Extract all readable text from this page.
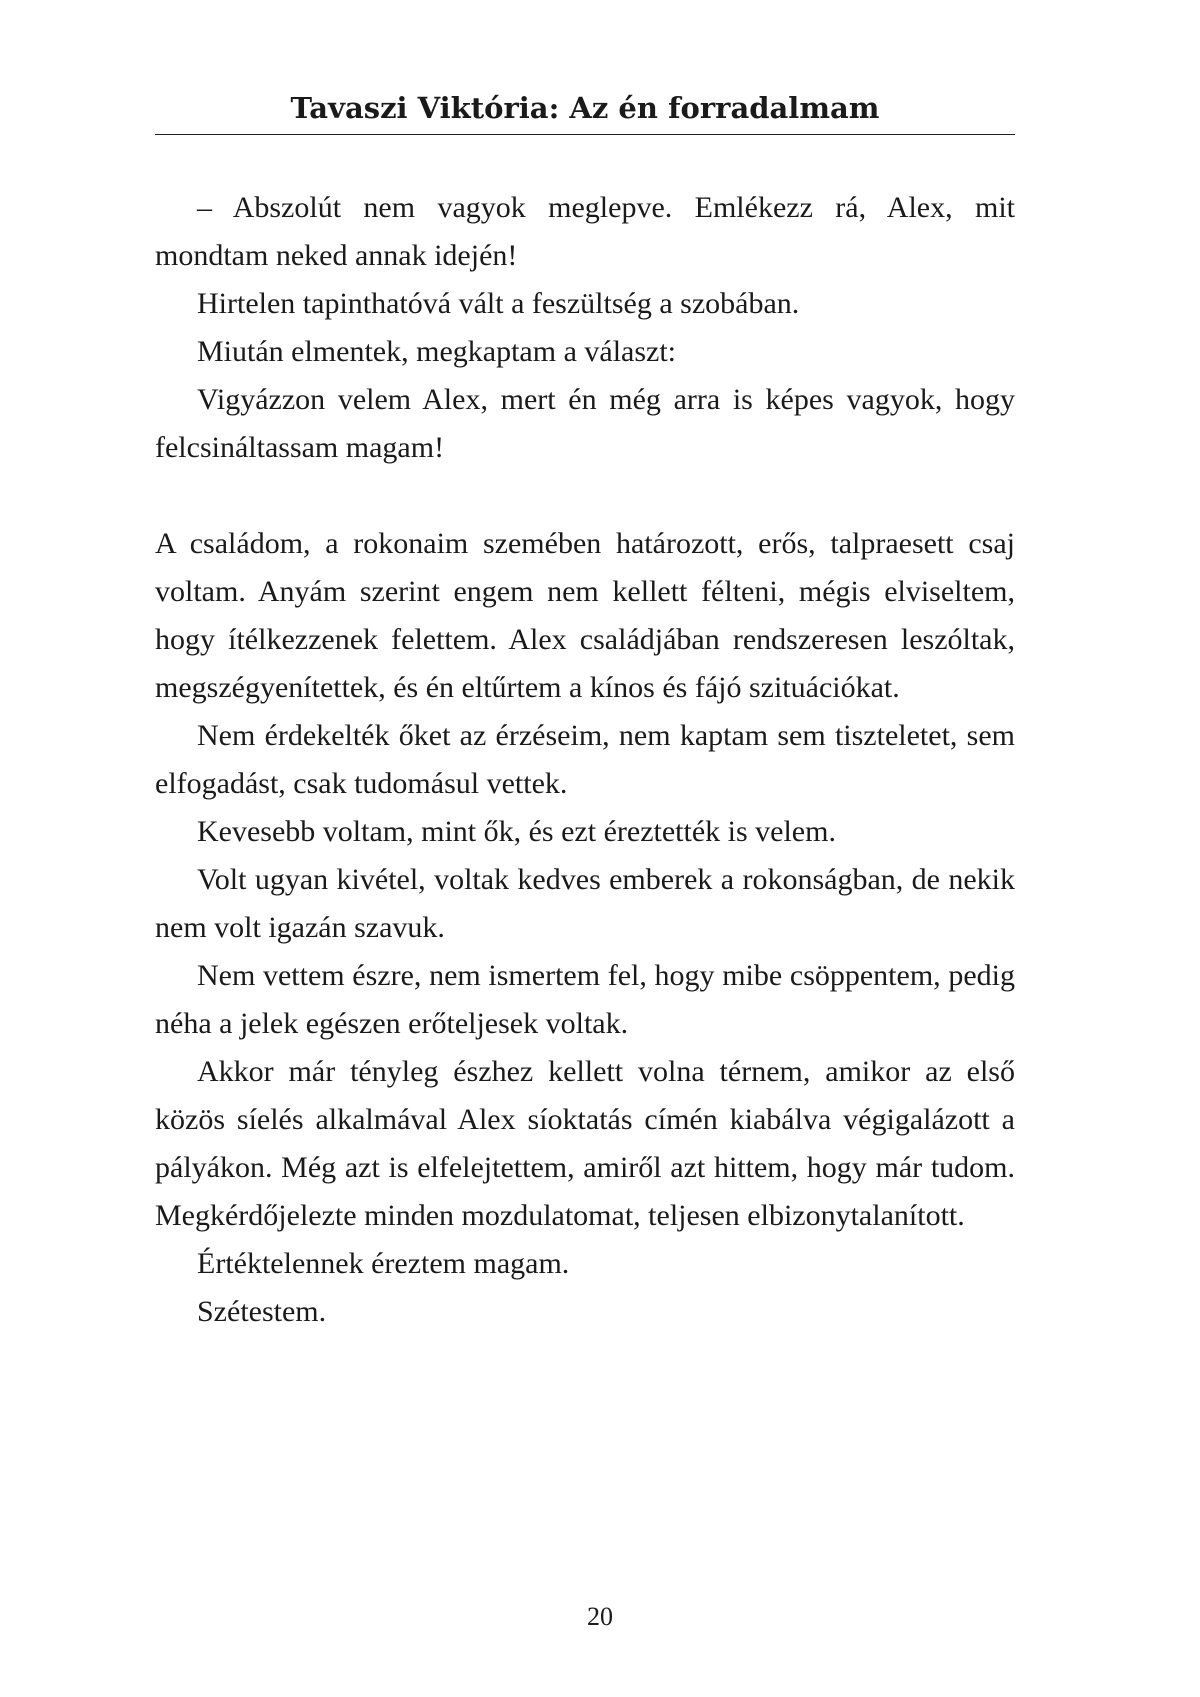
Tavaszi Viktória: Az én forradalmam

– Abszolút nem vagyok meglepve. Emlékezz rá, Alex, mit mondtam neked annak idején!

Hirtelen tapinthatóvá vált a feszültség a szobában.

Miután elmentek, megkaptam a választ:

Vigyázzon velem Alex, mert én még arra is képes vagyok, hogy felcsináltassam magam!

A családom, a rokonaim szemében határozott, erős, talpraesett csaj voltam. Anyám szerint engem nem kellett félteni, mégis elviseltem, hogy ítélkezzenek felettem. Alex családjában rendszeresen leszóltak, megszégyenítettek, és én eltűrtem a kínos és fájó szituációkat.

Nem érdekelték őket az érzéseim, nem kaptam sem tiszteletet, sem elfogadást, csak tudomásul vettek.

Kevesebb voltam, mint ők, és ezt éreztették is velem.

Volt ugyan kivétel, voltak kedves emberek a rokonságban, de nekik nem volt igazán szavuk.

Nem vettem észre, nem ismertem fel, hogy mibe csöppentem, pedig néha a jelek egészen erőteljesek voltak.

Akkor már tényleg észhez kellett volna térnem, amikor az első közös síelés alkalmával Alex síoktatás címén kiabálva végigalázott a pályákon. Még azt is elfelejtettem, amiről azt hittem, hogy már tudom. Megkérdőjelezte minden mozdulatomat, teljesen elbizonytalanított.

Értéktelennek éreztem magam.

Szétestem.

20
